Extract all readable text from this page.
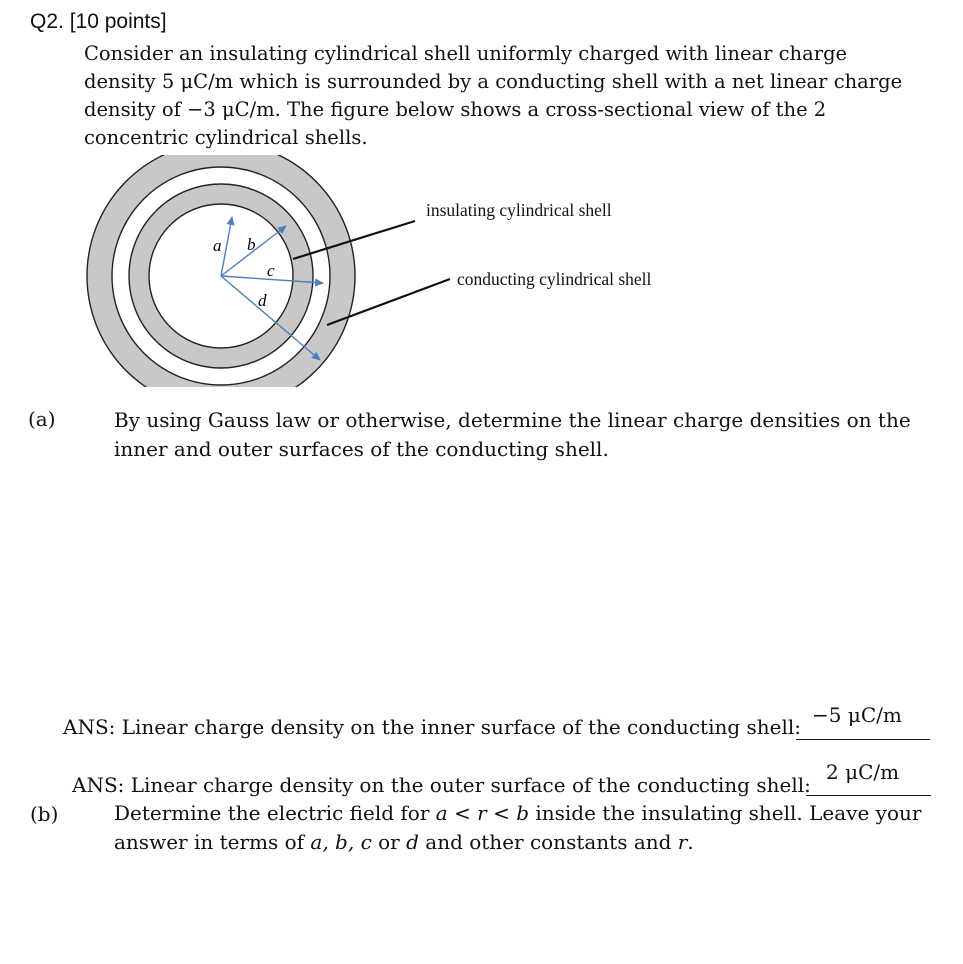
Q2. [10 points]

Consider an insulating cylindrical shell uniformly charged with linear charge

density 5 μC/m which is surrounded by a conducting shell with a net linear charge

density of −3 μC/m. The figure below shows a cross-sectional view of the 2

concentric cylindrical shells.

a b
c
d
insulating cylindrical shell
conducting cylindrical shell
(a)	By using Gauss law or otherwise, determine the linear charge densities on the
inner and outer surfaces of the conducting shell.
ANS: Linear charge density on the inner surface of the conducting shell: −5 μC/m
ANS: Linear charge density on the outer surface of the conducting shell:
2 μC/m
(b)	Determine the electric field for a < r < b inside the insulating shell. Leave your
answer in terms of a, b, c or d and other constants and r.
